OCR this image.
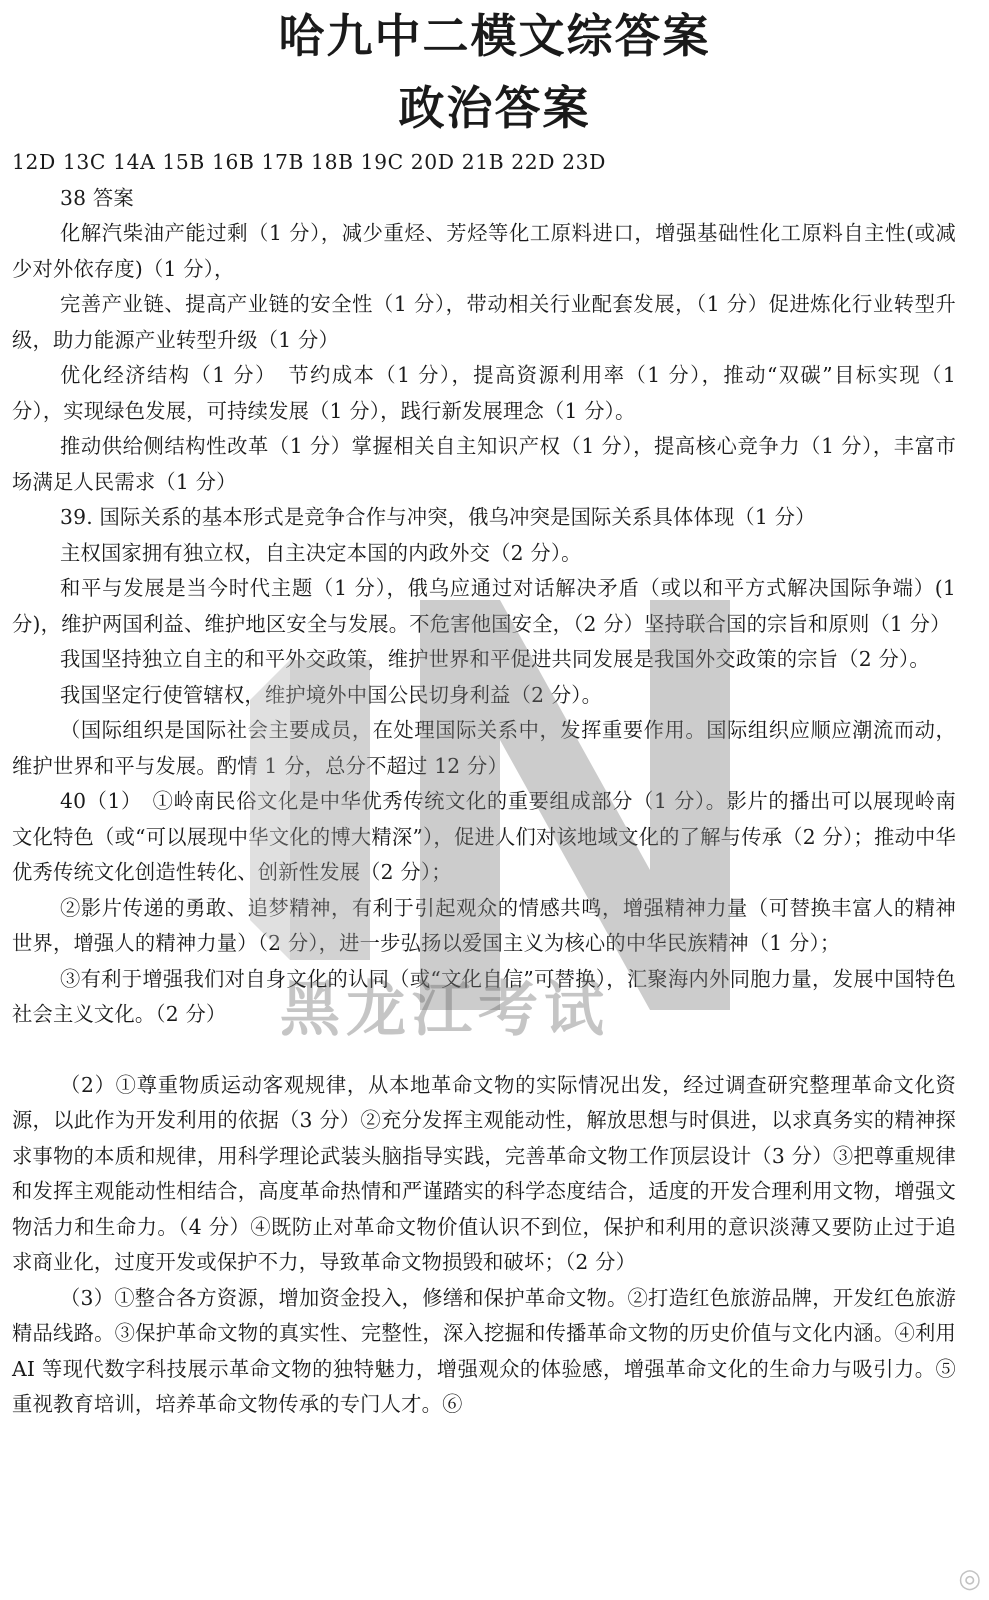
哈九中二模文综答案
政治答案

12D 13C 14A 15B 16B 17B 18B 19C 20D 21B 22D 23D

38 答案

化解汽柴油产能过剩（1 分），减少重烃、芳烃等化工原料进口，增强基础性化工原料自主性(或减少对外依存度)（1 分），

完善产业链、提高产业链的安全性（1 分），带动相关行业配套发展，（1 分）促进炼化行业转型升级，助力能源产业转型升级（1 分）

优化经济结构（1 分）　节约成本（1 分），提高资源利用率（1 分），推动“双碳”目标实现（1 分），实现绿色发展，可持续发展（1 分），践行新发展理念（1 分）。

推动供给侧结构性改革（1 分）掌握相关自主知识产权（1 分），提高核心竞争力（1 分），丰富市场满足人民需求（1 分）

39. 国际关系的基本形式是竞争合作与冲突，俄乌冲突是国际关系具体体现（1 分）

主权国家拥有独立权，自主决定本国的内政外交（2 分）。

和平与发展是当今时代主题（1 分），俄乌应通过对话解决矛盾（或以和平方式解决国际争端）(1 分)，维护两国利益、维护地区安全与发展。不危害他国安全，（2 分）坚持联合国的宗旨和原则（1 分）

我国坚持独立自主的和平外交政策，维护世界和平促进共同发展是我国外交政策的宗旨（2 分）。

我国坚定行使管辖权，维护境外中国公民切身利益（2 分）。

（国际组织是国际社会主要成员，在处理国际关系中，发挥重要作用。国际组织应顺应潮流而动，维护世界和平与发展。酌情 1 分，总分不超过 12 分）

40（1）　①岭南民俗文化是中华优秀传统文化的重要组成部分（1 分）。影片的播出可以展现岭南文化特色（或“可以展现中华文化的博大精深”），促进人们对该地域文化的了解与传承（2 分）；推动中华优秀传统文化创造性转化、创新性发展（2 分）；

②影片传递的勇敢、追梦精神，有利于引起观众的情感共鸣，增强精神力量（可替换丰富人的精神世界，增强人的精神力量）（2 分），进一步弘扬以爱国主义为核心的中华民族精神（1 分）；

③有利于增强我们对自身文化的认同（或“文化自信”可替换），汇聚海内外同胞力量，发展中国特色社会主义文化。（2 分）

（2）①尊重物质运动客观规律，从本地革命文物的实际情况出发，经过调查研究整理革命文化资源，以此作为开发利用的依据（3 分）②充分发挥主观能动性，解放思想与时俱进，以求真务实的精神探求事物的本质和规律，用科学理论武装头脑指导实践，完善革命文物工作顶层设计（3 分）③把尊重规律和发挥主观能动性相结合，高度革命热情和严谨踏实的科学态度结合，适度的开发合理利用文物，增强文物活力和生命力。（4 分）④既防止对革命文物价值认识不到位，保护和利用的意识淡薄又要防止过于追求商业化，过度开发或保护不力，导致革命文物损毁和破坏；（2 分）

（3）①整合各方资源，增加资金投入，修缮和保护革命文物。②打造红色旅游品牌，开发红色旅游精品线路。③保护革命文物的真实性、完整性，深入挖掘和传播革命文物的历史价值与文化内涵。④利用 AI 等现代数字科技展示革命文物的独特魅力，增强观众的体验感，增强革命文化的生命力与吸引力。⑤重视教育培训，培养革命文物传承的专门人才。⑥

黑龙江考试
◎
